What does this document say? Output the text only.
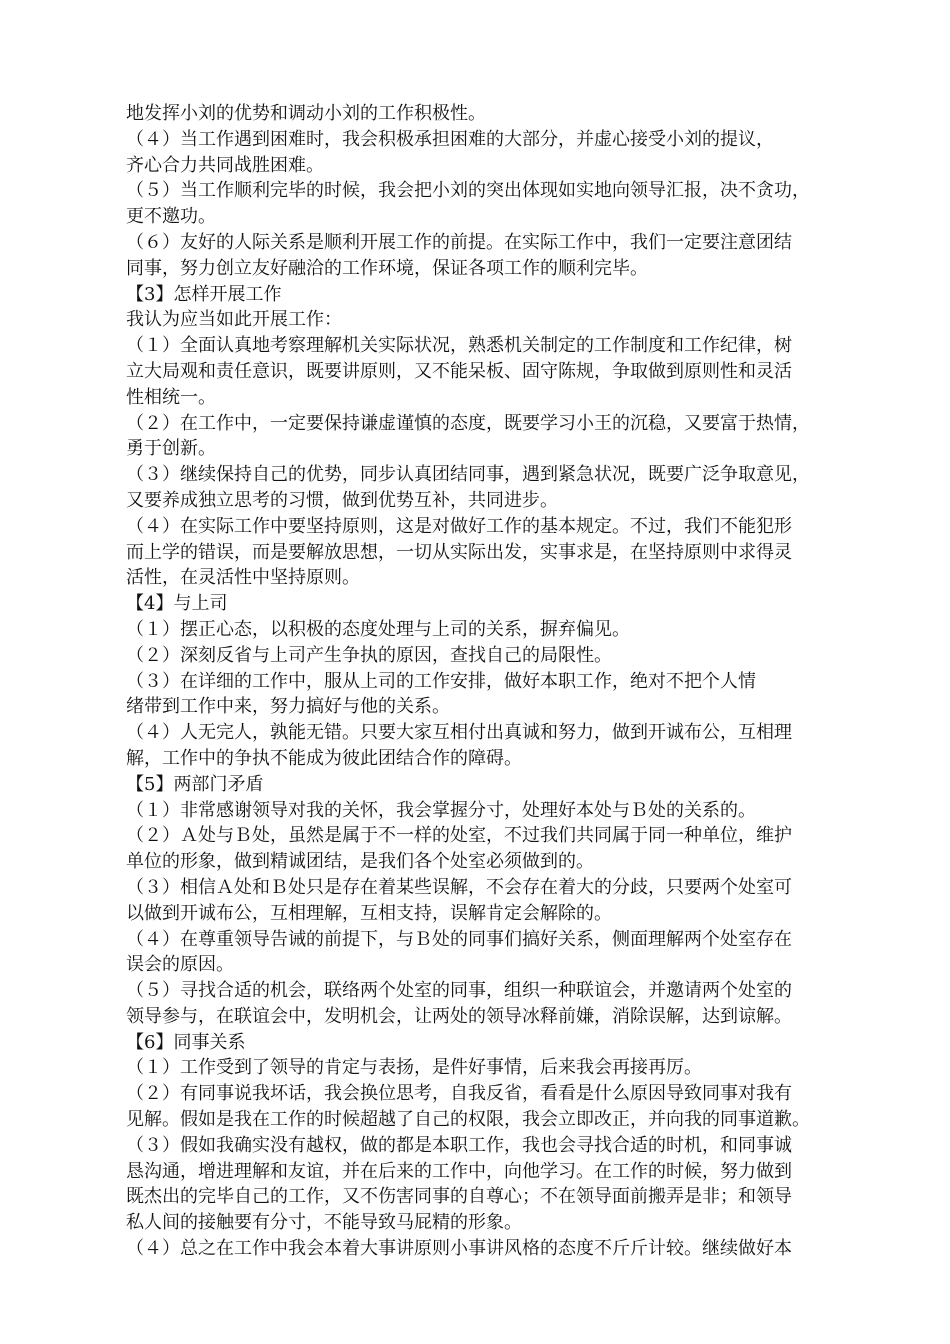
地发挥小刘的优势和调动小刘的工作积极性。
（４）当工作遇到困难时，我会积极承担困难的大部分，并虚心接受小刘的提议，
齐心合力共同战胜困难。
（５）当工作顺利完毕的时候，我会把小刘的突出体现如实地向领导汇报，决不贪功，
更不邀功。
（６）友好的人际关系是顺利开展工作的前提。在实际工作中，我们一定要注意团结
同事，努力创立友好融洽的工作环境，保证各项工作的顺利完毕。
【3】怎样开展工作
我认为应当如此开展工作：
（１）全面认真地考察理解机关实际状况，熟悉机关制定的工作制度和工作纪律，树
立大局观和责任意识，既要讲原则，又不能呆板、固守陈规，争取做到原则性和灵活
性相统一。
（２）在工作中，一定要保持谦虚谨慎的态度，既要学习小王的沉稳，又要富于热情，
勇于创新。
（３）继续保持自己的优势，同步认真团结同事，遇到紧急状况，既要广泛争取意见，
又要养成独立思考的习惯，做到优势互补，共同进步。
（４）在实际工作中要坚持原则，这是对做好工作的基本规定。不过，我们不能犯形
而上学的错误，而是要解放思想，一切从实际出发，实事求是，在坚持原则中求得灵
活性，在灵活性中坚持原则。
【4】与上司
（１）摆正心态，以积极的态度处理与上司的关系，摒弃偏见。
（２）深刻反省与上司产生争执的原因，查找自己的局限性。
（３）在详细的工作中，服从上司的工作安排，做好本职工作，绝对不把个人情
绪带到工作中来，努力搞好与他的关系。
（４）人无完人，孰能无错。只要大家互相付出真诚和努力，做到开诚布公，互相理
解，工作中的争执不能成为彼此团结合作的障碍。
【5】两部门矛盾
（１）非常感谢领导对我的关怀，我会掌握分寸，处理好本处与Ｂ处的关系的。
（２）Ａ处与Ｂ处，虽然是属于不一样的处室，不过我们共同属于同一种单位，维护
单位的形象，做到精诚团结，是我们各个处室必须做到的。
（３）相信Ａ处和Ｂ处只是存在着某些误解，不会存在着大的分歧，只要两个处室可
以做到开诚布公，互相理解，互相支持，误解肯定会解除的。
（４）在尊重领导告诫的前提下，与Ｂ处的同事们搞好关系，侧面理解两个处室存在
误会的原因。
（５）寻找合适的机会，联络两个处室的同事，组织一种联谊会，并邀请两个处室的
领导参与，在联谊会中，发明机会，让两处的领导冰释前嫌，消除误解，达到谅解。
【6】同事关系
（１）工作受到了领导的肯定与表扬，是件好事情，后来我会再接再厉。
（２）有同事说我坏话，我会换位思考，自我反省，看看是什么原因导致同事对我有
见解。假如是我在工作的时候超越了自己的权限，我会立即改正，并向我的同事道歉。
（３）假如我确实没有越权，做的都是本职工作，我也会寻找合适的时机，和同事诚
恳沟通，增进理解和友谊，并在后来的工作中，向他学习。在工作的时候，努力做到
既杰出的完毕自己的工作，又不伤害同事的自尊心；不在领导面前搬弄是非；和领导
私人间的接触要有分寸，不能导致马屁精的形象。
（４）总之在工作中我会本着大事讲原则小事讲风格的态度不斤斤计较。继续做好本
